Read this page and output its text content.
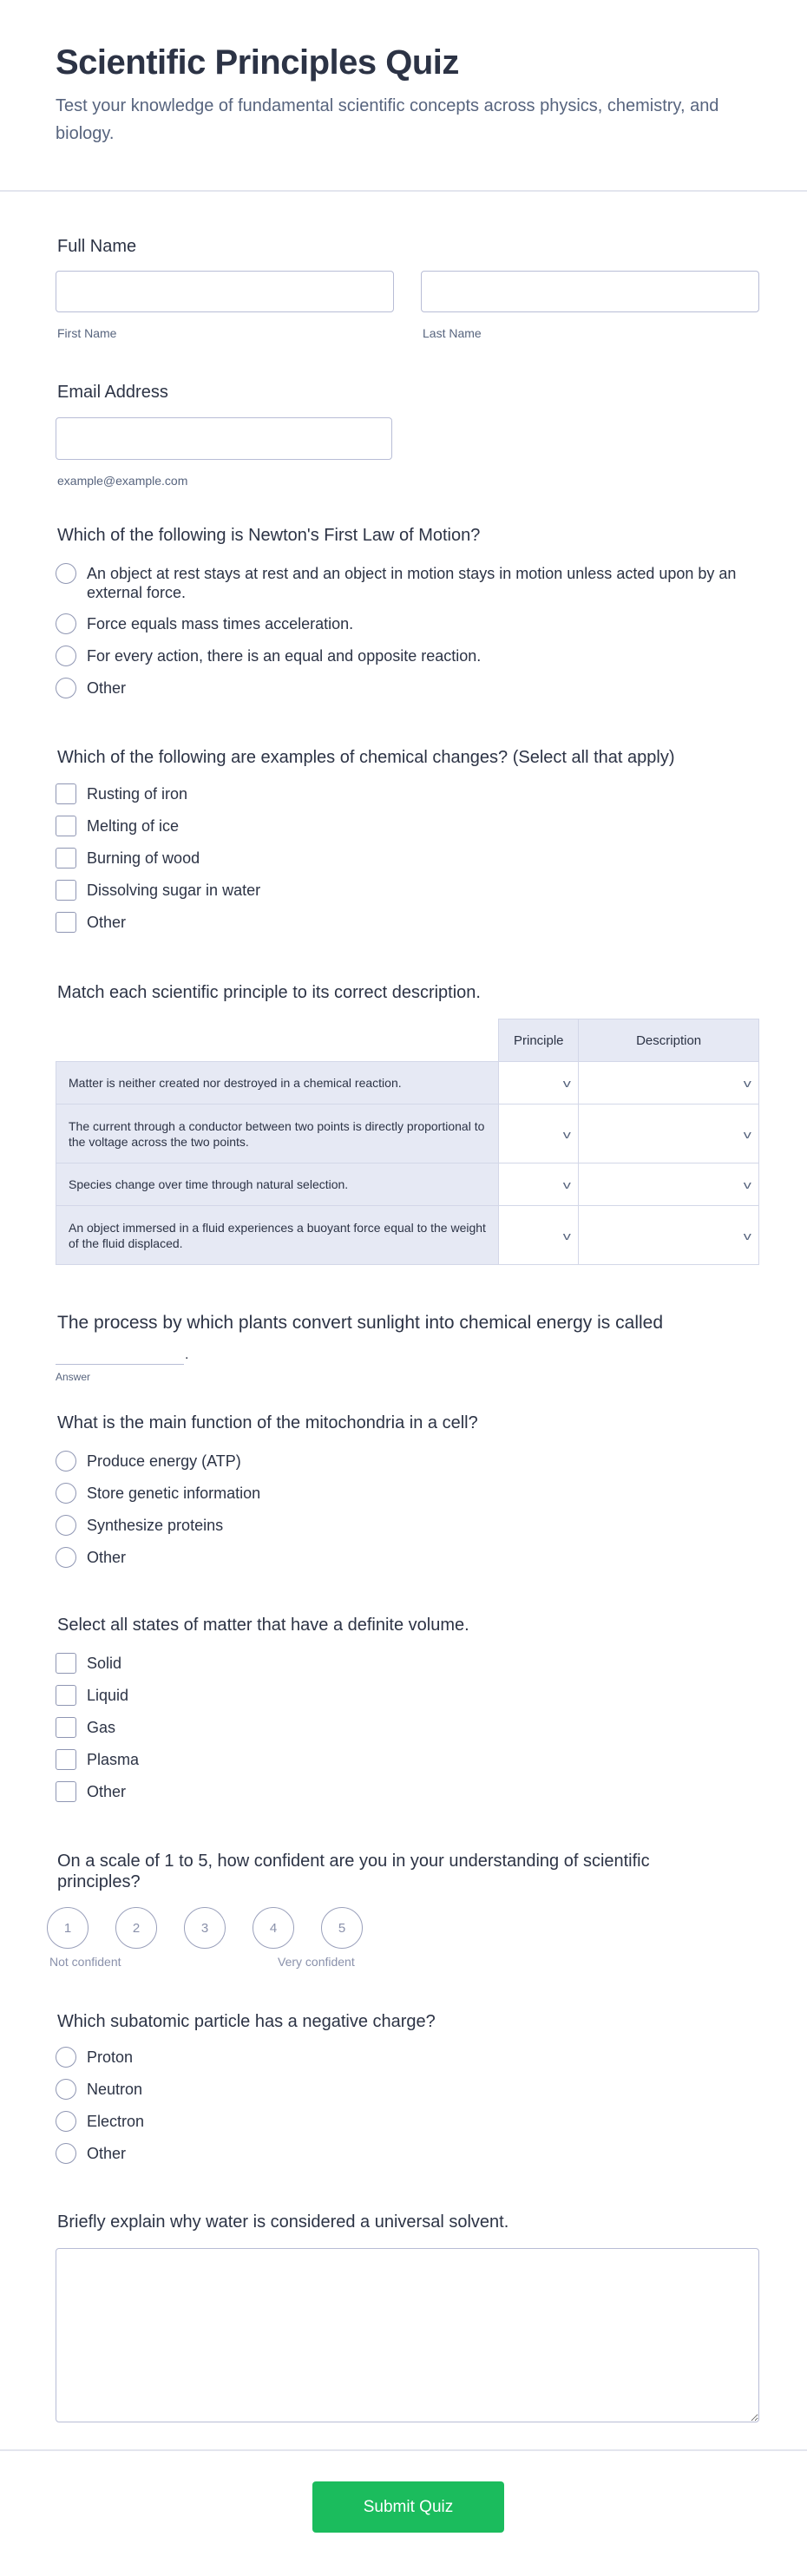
Scientific Principles Quiz

Test your knowledge of fundamental scientific concepts across physics, chemistry, and biology.

Full Name
First Name	Last Name
Email Address
example@example.com
Which of the following is Newton's First Law of Motion?
An object at rest stays at rest and an object in motion stays in motion unless acted upon by an external force.
Force equals mass times acceleration.
For every action, there is an equal and opposite reaction.
Other
Which of the following are examples of chemical changes? (Select all that apply)
Rusting of iron
Melting of ice
Burning of wood
Dissolving sugar in water
Other
Match each scientific principle to its correct description.
	Principle	Description
Matter is neither created nor destroyed in a chemical reaction.	v	v

The current through a conductor between two points is directly proportional to the voltage across the two points.	v	v

Species change over time through natural selection.	v	v

An object immersed in a fluid experiences a buoyant force equal to the weight of the fluid displaced.	v	v
The process by which plants convert sunlight into chemical energy is called
.
Answer
What is the main function of the mitochondria in a cell?
Produce energy (ATP)
Store genetic information
Synthesize proteins
Other
Select all states of matter that have a definite volume.
Solid
Liquid
Gas
Plasma
Other
On a scale of 1 to 5, how confident are you in your understanding of scientific principles?
1	2	3	4	5
Not confident	Very confident
Which subatomic particle has a negative charge?
Proton
Neutron
Electron
Other
Briefly explain why water is considered a universal solvent.
Submit Quiz
